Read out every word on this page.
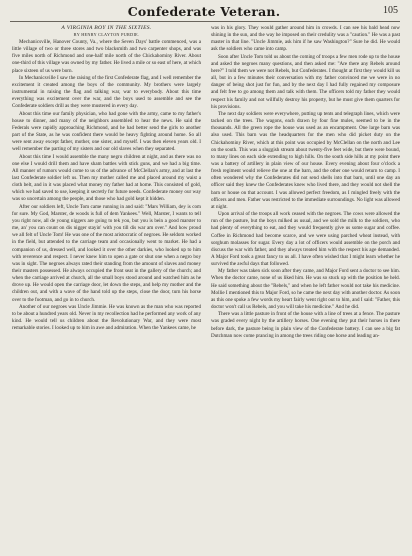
Confederate Veteran.	105
A VIRGINIA BOY IN THE SIXTIES.
BY HENRY CLAYTON PURDIE.

Mechanicsville, Hanover County, Va., where the Seven Days' battle commenced, was a little village of two or three stores and two blacksmith and two carpenter shops, and was five miles north of Richmond and one-half mile north of the Chickahominy River. About one-third of this village was owned by my father. He lived a mile or so east of here, at which place sixteen of us were born.

In Mechanicsville I saw the raising of the first Confederate flag, and I well remember the excitement it created among the boys of the community. My brothers were largely instrumental in raising the flag and talking war, war to everybody. About this time everything was excitement over the war, and the boys used to assemble and see the Confederate soldiers drill as they were mustered in every day.

About this time our family physician, who had gone with the army, came to my father's house to dinner, and many of the neighbors assembled to hear the news. He said the Federals were rapidly approaching Richmond, and he had better send the girls to another part of the State, as he was confident there would be heavy fighting around home. So all were sent away except father, mother, one sister, and myself. I was then eleven years old. I well remember the parting of my sisters and our old slaves when they separated.

About this time I would assemble the many negro children at night, and as there was no one else I would drill them and have sham battles with stick guns, and we had a big time. All manner of rumors would come to us of the advance of McClellan's army, and at last the last Confederate soldier left us. Then my mother called me and placed around my waist a cloth belt, and in it was placed what money my father had at home. This consisted of gold, which we had saved to use, keeping it secretly for future needs. Confederate money our way was so uncertain among the people, and those who had gold kept it hidden.

After our soldiers left, Uncle Tom came running in and said: "Mars William, dey is com for sure. My God, Marster, de woods is full of dem Yankees." Well, Marster, I wants to tell you right now, all de young niggers are going to tek you, but you is bein a good marster to me, an' you can count on dis nigger stayin' with you till dis war am over." And how proud we all felt of Uncle Tom! He was one of the most aristocratic of negroes. He seldom worked in the field, but attended to the carriage team and occasionally went to market. He had a companion of us, dressed well, and looked it over the other darkies, who looked up to him with reverence and respect. I never knew him to open a gate or shut one when a negro boy was in sight. The negroes always rated their standing from the amount of slaves and money their masters possessed. He always occupied the front seat in the gallery of the church; and when the carriage arrived at church, all the small boys stood around and watched him as he drove up. He would open the carriage door, let down the steps, and help my mother and the children out, and with a wave of the hand told up the steps, close the door, turn his horse over to the footman, and go in to church.

Another of our negroes was Uncle Jimmie. He was known as the man who was reported to be about a hundred years old. Never in my recollection had he performed any work of any kind. He would tell us children about the Revolutionary War, and they were most remarkable stories. I looked up to him in awe and admiration. When the Yankees came, he

was in his glory. They would gather around him in crowds. I can see his bald head now shining in the sun, and the way he imposed on their credulity was a "caution." He was a past master in that line. "Uncle Jimmie, ask him if he saw Washington?" Sure he did. He would ask the soldiers who came into camp.

Soon after Uncle Tom told us about the coming of troops a few men rode up to the house and asked the negroes many questions, and then asked me: "Are there any Rebels around here?" I told them we were not Rebels, but Confederates. I thought at first they would kill us all, but in a few minutes their conversation with my father convinced me we were in no danger of being shot just for fun, and by the next day I had fully regained my composure and felt free to go among them and talk with them. The officers told my father they would respect his family and not willfully destroy his property, but he must give them quarters for his provisions.

The next day soldiers were everywhere, putting up tents and telegraph lines, which were tacked on the trees. The wagons, each drawn by four fine mules, seemed to be in the thousands. All the green rope the house was used as an encampment. One large barn was also used. This barn was the headquarters for the men who did picket duty on the Chickahominy River, which at this point was occupied by McClellan on the north and Lee on the south. This was a sluggish stream about twenty-five feet wide, but there were bound, to many lines on each side extending to high hills. On the south side hills at my point there was a battery of artillery in plain view of our house. Every evening about four o'clock a fresh regiment would relieve the one at the barn, and the other one would return to camp. I often wondered why the Confederates did not send shells into that barn, until one day an officer said they knew the Confederates knew who lived there, and they would not shell the barn or house on that account. I was allowed perfect freedom, as I mingled freely with the officers and men. Father was restricted to the immediate surroundings. No light was allowed at night.

Upon arrival of the troops all work ceased with the negroes. The cows were allowed the run of the pasture, but the boys milked as usual, and we sold the milk to the soldiers, who had plenty of everything to eat, and they would frequently give us some sugar and coffee. Coffee in Richmond had become scarce, and we were using parched wheat instead, with sorghum molasses for sugar. Every day a lot of officers would assemble on the porch and discuss the war with father, and they always treated him with the respect his age demanded. A Major Ford took a great fancy to us all. I have often wished that I might learn whether he survived the awful days that followed.

My father was taken sick soon after they came, and Major Ford sent a doctor to see him. When the doctor came, none of us liked him. He was so stuck up with the position he held. He said something about the "Rebels," and when he left father would not take his medicine. Mollie I mentioned this to Major Ford, so he came the next day with another doctor. As soon as this one spoke a few words my heart fairly went right out to him, and I said: "Father, this doctor won't call us Rebels, and you will take his medicine." And he did.

There was a little pasture in front of the house with a line of trees at a fence. The pasture was graded every night by the artillery horses. One evening they put their horses in there before dark, the pasture being in plain view of the Confederate battery. I can see a big fat Dutchman now come prancing in among the trees riding one horse and leading an-
